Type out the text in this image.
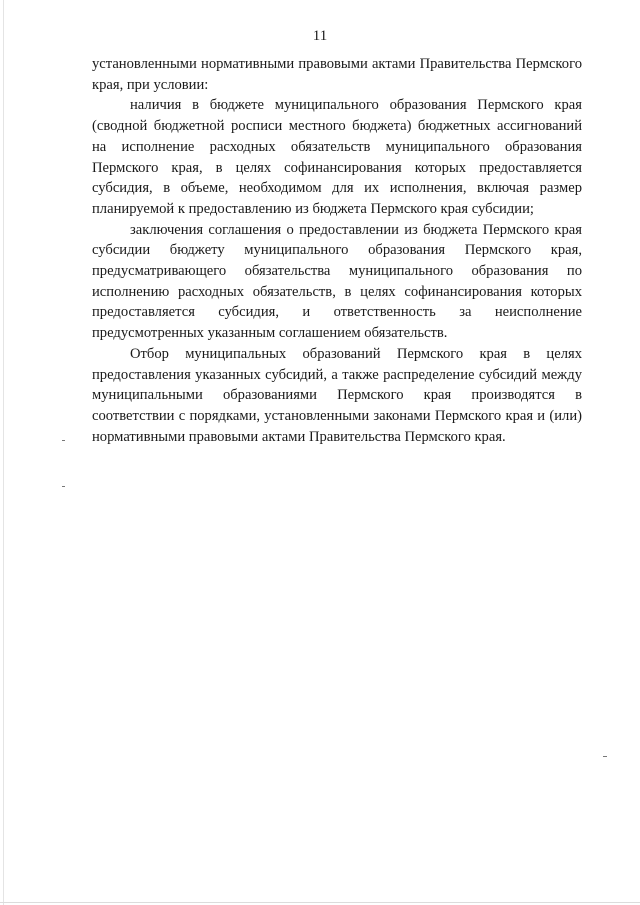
11

установленными нормативными правовыми актами Правительства Пермского края, при условии:

наличия в бюджете муниципального образования Пермского края (сводной бюджетной росписи местного бюджета) бюджетных ассигнований на исполнение расходных обязательств муниципального образования Пермского края, в целях софинансирования которых предоставляется субсидия, в объеме, необходимом для их исполнения, включая размер планируемой к предоставлению из бюджета Пермского края субсидии;

заключения соглашения о предоставлении из бюджета Пермского края субсидии бюджету муниципального образования Пермского края, предусматривающего обязательства муниципального образования по исполнению расходных обязательств, в целях софинансирования которых предоставляется субсидия, и ответственность за неисполнение предусмотренных указанным соглашением обязательств.

Отбор муниципальных образований Пермского края в целях предоставления указанных субсидий, а также распределение субсидий между муниципальными образованиями Пермского края производятся в соответствии с порядками, установленными законами Пермского края и (или) нормативными правовыми актами Правительства Пермского края.
